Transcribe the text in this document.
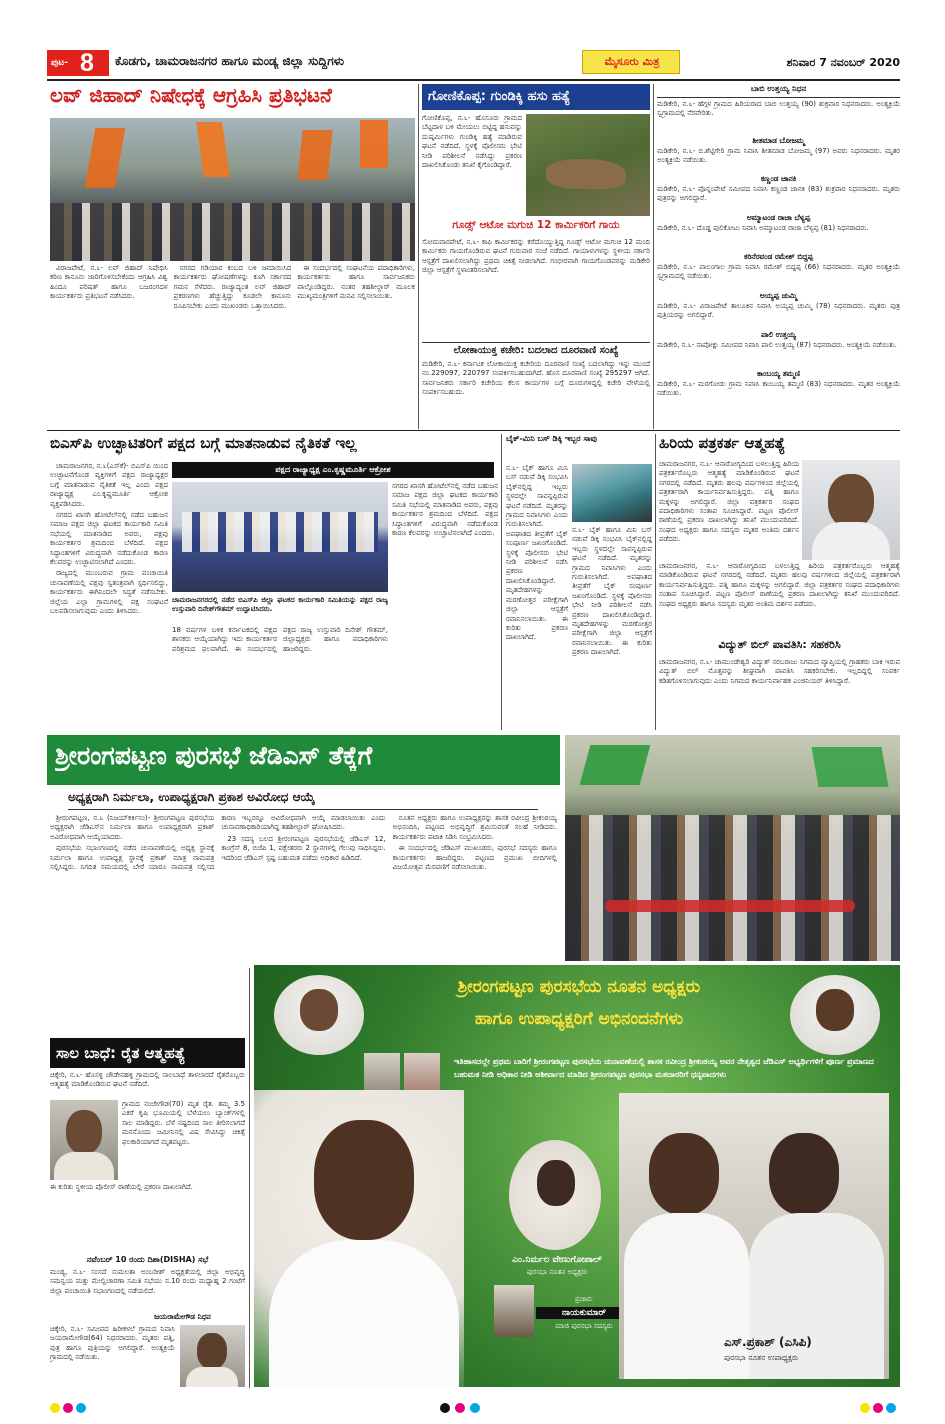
ಪುಟ- 8 ಕೊಡಗು, ಚಾಮರಾಜನಗರ ಹಾಗೂ ಮಂಡ್ಯ ಜಿಲ್ಲಾ ಸುದ್ದಿಗಳು	ಮೈಸೂರು ಮಿತ್ರ	ಶನಿವಾರ 7 ನವಂಬರ್ 2020
ಲವ್ ಜಿಹಾದ್ ನಿಷೇಧಕ್ಕೆ ಆಗ್ರಹಿಸಿ ಪ್ರತಿಭಟನೆ

ವಿರಾಜಪೇಟೆ, ನ.೬- ಲವ್ ಜಿಹಾದ್ ನಿಷೇಧಿಸಿ ಕಠಿಣ ಕಾನೂನು ಜಾರಿಗೊಳಿಸಬೇಕೆಂದು ಆಗ್ರಹಿಸಿ ವಿಶ್ವ ಹಿಂದೂ ಪರಿಷತ್ ಹಾಗೂ ಬಜರಂಗದಳ ಕಾರ್ಯಕರ್ತರು ಪ್ರತಿಭಟನೆ ನಡೆಸಿದರು.

ನಗರದ ಗಡಿಯಾರ ಕಂಬದ ಬಳಿ ಜಮಾಯಿಸಿದ ಕಾರ್ಯಕರ್ತರು ಘೋಷಣೆಗಳನ್ನು ಕೂಗಿ ಸರ್ಕಾರದ ಗಮನ ಸೆಳೆದರು. ರಾಜ್ಯಾದ್ಯಂತ ಲವ್ ಜಿಹಾದ್ ಪ್ರಕರಣಗಳು ಹೆಚ್ಚುತ್ತಿದ್ದು ಕೂಡಲೇ ಕಾನೂನು ರೂಪಿಸಬೇಕು ಎಂದು ಮುಖಂಡರು ಒತ್ತಾಯಿಸಿದರು.

ಈ ಸಂದರ್ಭದಲ್ಲಿ ಸಂಘಟನೆಯ ಪದಾಧಿಕಾರಿಗಳು, ಕಾರ್ಯಕರ್ತರು ಹಾಗೂ ಸಾರ್ವಜನಿಕರು ಪಾಲ್ಗೊಂಡಿದ್ದರು. ನಂತರ ತಹಶೀಲ್ದಾರ್ ಮೂಲಕ ಮುಖ್ಯಮಂತ್ರಿಗಳಿಗೆ ಮನವಿ ಸಲ್ಲಿಸಲಾಯಿತು.

ಗೋಣಿಕೊಪ್ಪ: ಗುಂಡಿಕ್ಕಿ ಹಸು ಹತ್ಯೆ
ಗೋಣಿಕೊಪ್ಪ, ನ.೬- ಹೊಸೂರು ಗ್ರಾಮದ ಬೆಟ್ಟದಾಳ ಬಳಿ ಮೇಯಲು ಬಿಟ್ಟಿದ್ದ ಹಸುವನ್ನು ದುಷ್ಕರ್ಮಿಗಳು ಗುಂಡಿಕ್ಕಿ ಹತ್ಯೆ ಮಾಡಿರುವ ಘಟನೆ ನಡೆದಿದೆ. ಸ್ಥಳಕ್ಕೆ ಪೊಲೀಸರು ಭೇಟಿ ನೀಡಿ ಪರಿಶೀಲನೆ ನಡೆಸಿದ್ದು ಪ್ರಕರಣ ದಾಖಲಿಸಿಕೊಂಡು ತನಿಖೆ ಕೈಗೊಂಡಿದ್ದಾರೆ.
ಗೂಡ್ಸ್ ಆಟೋ ಮಗುಚಿ 12 ಕಾರ್ಮಿಕರಿಗೆ ಗಾಯ
ಸೋಮವಾರಪೇಟೆ, ನ.೬- ಕಾಫಿ ಕಾರ್ಮಿಕರನ್ನು ಕರೆದೊಯ್ಯುತ್ತಿದ್ದ ಗೂಡ್ಸ್ ಆಟೋ ಮಗುಚಿ 12 ಮಂದಿ ಕಾರ್ಮಿಕರು ಗಾಯಗೊಂಡಿರುವ ಘಟನೆ ಗುರುವಾರ ಸಂಜೆ ನಡೆದಿದೆ. ಗಾಯಾಳುಗಳನ್ನು ಸ್ಥಳೀಯ ಸರ್ಕಾರಿ ಆಸ್ಪತ್ರೆಗೆ ದಾಖಲಿಸಲಾಗಿದ್ದು ಪ್ರಥಮ ಚಿಕಿತ್ಸೆ ನೀಡಲಾಗಿದೆ. ಗಂಭೀರವಾಗಿ ಗಾಯಗೊಂಡವರನ್ನು ಮಡಿಕೇರಿ ಜಿಲ್ಲಾ ಆಸ್ಪತ್ರೆಗೆ ಸ್ಥಳಾಂತರಿಸಲಾಗಿದೆ.
ಲೋಕಾಯುಕ್ತ ಕಚೇರಿ: ಬದಲಾದ ದೂರವಾಣಿ ಸಂಖ್ಯೆ
ಮಡಿಕೇರಿ, ನ.೬- ಕರ್ನಾಟಕ ಲೋಕಾಯುಕ್ತ ಕಚೇರಿಯ ದೂರವಾಣಿ ಸಂಖ್ಯೆ ಬದಲಾಗಿದ್ದು ಇನ್ನು ಮುಂದೆ ನಂ.229097, 220797 ಸಂಪರ್ಕಿಸಬಹುದಾಗಿದೆ. ಹೊಸ ದೂರವಾಣಿ ಸಂಖ್ಯೆ 295297 ಆಗಿದೆ. ಸಾರ್ವಜನಿಕರು ಸರ್ಕಾರಿ ಕಚೇರಿಯ ಕೆಲಸ ಕಾರ್ಯಗಳ ಬಗ್ಗೆ ದೂರುಗಳಿದ್ದಲ್ಲಿ ಕಚೇರಿ ವೇಳೆಯಲ್ಲಿ ಸಂಪರ್ಕಿಸಬಹುದು.
ಬಾಬಿ ಉತ್ತಯ್ಯ ನಿಧನ
ಮಡಿಕೇರಿ, ನ.೬- ಹೆಗ್ಗಳ ಗ್ರಾಮದ ಹಿರಿಯರಾದ ಬಾಬಿ ಉತ್ತಯ್ಯ (90) ಶುಕ್ರವಾರ ನಿಧನರಾದರು. ಅಂತ್ಯಕ್ರಿಯೆ ಸ್ವಗ್ರಾಮದಲ್ಲಿ ನೆರವೇರಿತು.
ಶೀತಮಾಡ ಬೋಜಮ್ಮ
ಮಡಿಕೇರಿ, ನ.೬- ಬಿ.ಶೆಟ್ಟಿಗೇರಿ ಗ್ರಾಮ ನಿವಾಸಿ ಶೀತಮಾಡ ಬೋಜಮ್ಮ (97) ಅವರು ನಿಧನರಾದರು. ಮೃತರ ಅಂತ್ಯಕ್ರಿಯೆ ನಡೆಯಿತು.
ಕಣ್ಣಂಡ ಜಾನಕಿ
ಮಡಿಕೇರಿ, ನ.೬- ಪೊನ್ನಂಪೇಟೆ ಸಮೀಪದ ನಿವಾಸಿ ಕಣ್ಣಂಡ ಜಾನಕಿ (83) ಶುಕ್ರವಾರ ನಿಧನರಾದರು. ಮೃತರು ಪುತ್ರರನ್ನು ಅಗಲಿದ್ದಾರೆ.
ಅಮ್ಮಾಟಂಡ ರಾಜಾ ಬೆಳ್ಯಪ್ಪ
ಮಡಿಕೇರಿ, ನ.೬- ದೊಡ್ಡ ಪುಲಿಕೋಟು ನಿವಾಸಿ ಅಮ್ಮಾಟಂಡ ರಾಜಾ ಬೆಳ್ಯಪ್ಪ (81) ನಿಧನರಾದರು.
ಕರಿನೆರವಂಡ ರಮೇಶ್ ಬಿದ್ದಪ್ಪ
ಮಡಿಕೇರಿ, ನ.೬- ಪಾಲಂಗಾಲ ಗ್ರಾಮ ನಿವಾಸಿ ರಮೇಶ್ ಬಿದ್ದಪ್ಪ (66) ನಿಧನರಾದರು. ಮೃತರ ಅಂತ್ಯಕ್ರಿಯೆ ಸ್ವಗ್ರಾಮದಲ್ಲಿ ನಡೆಯಿತು.
ಅಯ್ಯಪ್ಪ ಚುಮ್ಮಿ
ಮಡಿಕೇರಿ, ನ.೬- ವಿರಾಜಪೇಟೆ ತಾಲೂಕಿನ ನಿವಾಸಿ ಅಯ್ಯಪ್ಪ ಚುಮ್ಮಿ (78) ನಿಧನರಾದರು. ಮೃತರು ಪುತ್ರ ಪುತ್ರಿಯರನ್ನು ಅಗಲಿದ್ದಾರೆ.
ಪಾಲಿ ಉತ್ತಯ್ಯ
ಮಡಿಕೇರಿ, ನ.೬- ನಾಪೋಕ್ಲು ಸಮೀಪದ ನಿವಾಸಿ ಪಾಲಿ ಉತ್ತಯ್ಯ (87) ನಿಧನರಾದರು. ಅಂತ್ಯಕ್ರಿಯೆ ನಡೆಯಿತು.
ಕಾಂಬಯ್ಯ ತಮ್ಮಣಿ
ಮಡಿಕೇರಿ, ನ.೬- ಮರಗೋಡು ಗ್ರಾಮ ನಿವಾಸಿ ಕಾಂಬಯ್ಯ ತಮ್ಮಣಿ (83) ನಿಧನರಾದರು. ಮೃತರ ಅಂತ್ಯಕ್ರಿಯೆ ನಡೆಯಿತು.
ಬಿಎಸ್‌ಪಿ ಉಚ್ಛಾಟಿತರಿಗೆ ಪಕ್ಷದ ಬಗ್ಗೆ ಮಾತನಾಡುವ ನೈತಿಕತೆ ಇಲ್ಲ
ಪಕ್ಷದ ರಾಜ್ಯಾಧ್ಯಕ್ಷ ಎಂ.ಕೃಷ್ಣಮೂರ್ತಿ ಆಕ್ರೋಶ

ಚಾಮರಾಜನಗರ, ನ.೬(ಎಸ್‌ಕೆ)- ಬಿಎಸ್‌ಪಿ ಯಿಂದ ಉಚ್ಛಾಟನೆಗೊಂಡ ವ್ಯಕ್ತಿಗಳಿಗೆ ಪಕ್ಷದ ರಾಜ್ಯಾಧ್ಯಕ್ಷರ ಬಗ್ಗೆ ಮಾತನಾಡುವ ನೈತಿಕತೆ ಇಲ್ಲ ಎಂದು ಪಕ್ಷದ ರಾಜ್ಯಾಧ್ಯಕ್ಷ ಎಂ.ಕೃಷ್ಣಮೂರ್ತಿ ಆಕ್ರೋಶ ವ್ಯಕ್ತಪಡಿಸಿದರು.

ನಗರದ ಖಾಸಗಿ ಹೋಟೆಲ್‌ನಲ್ಲಿ ನಡೆದ ಬಹುಜನ ಸಮಾಜ ಪಕ್ಷದ ಜಿಲ್ಲಾ ಘಟಕದ ಕಾರ್ಯಕಾರಿ ಸಮಿತಿ ಸಭೆಯಲ್ಲಿ ಮಾತನಾಡಿದ ಅವರು, ಪಕ್ಷವು ಕಾರ್ಯಕರ್ತರ ಶ್ರಮದಿಂದ ಬೆಳೆದಿದೆ. ಪಕ್ಷದ ಸಿದ್ಧಾಂತಗಳಿಗೆ ವಿರುದ್ಧವಾಗಿ ನಡೆದುಕೊಂಡ ಕಾರಣ ಕೆಲವರನ್ನು ಉಚ್ಛಾಟಿಸಲಾಗಿದೆ ಎಂದರು.

ರಾಜ್ಯದಲ್ಲಿ ಮುಂಬರುವ ಗ್ರಾಮ ಪಂಚಾಯಿತಿ ಚುನಾವಣೆಯಲ್ಲಿ ಪಕ್ಷವು ಸ್ವತಂತ್ರವಾಗಿ ಸ್ಪರ್ಧಿಸಲಿದ್ದು, ಕಾರ್ಯಕರ್ತರು ಈಗಿನಿಂದಲೇ ಸಿದ್ಧತೆ ನಡೆಸಬೇಕು. ಜಿಲ್ಲೆಯ ಎಲ್ಲಾ ಗ್ರಾಮಗಳಲ್ಲಿ ಪಕ್ಷ ಸಂಘಟನೆ ಬಲಪಡಿಸಲಾಗುವುದು ಎಂದು ತಿಳಿಸಿದರು.

ಚಾಮರಾಜನಗರದಲ್ಲಿ ನಡೆದ ಬಿಎಸ್‌ಪಿ ಜಿಲ್ಲಾ ಘಟಕದ ಕಾರ್ಯಕಾರಿ ಸಮಿತಿಯನ್ನು ಪಕ್ಷದ ರಾಜ್ಯ ಉಸ್ತುವಾರಿ ದಿನೇಶ್‌ಗೌತಮ್ ಉದ್ಘಾಟಿಸಿದರು.
18 ವರ್ಷಗಳ ಬಳಿಕ ಕರ್ನಾಟಕದಲ್ಲಿ ಪಕ್ಷದ ಶಾಸಕರು ಆಯ್ಕೆಯಾಗಿದ್ದು ಇದು ಕಾರ್ಯಕರ್ತರ ಪರಿಶ್ರಮದ ಫಲವಾಗಿದೆ. ಈ ಸಂದರ್ಭದಲ್ಲಿ ಪಕ್ಷದ ರಾಜ್ಯ ಉಸ್ತುವಾರಿ ದಿನೇಶ್ ಗೌತಮ್, ಜಿಲ್ಲಾಧ್ಯಕ್ಷರು ಹಾಗೂ ಪದಾಧಿಕಾರಿಗಳು ಹಾಜರಿದ್ದರು.
ನಗರದ ಖಾಸಗಿ ಹೋಟೆಲ್‌ನಲ್ಲಿ ನಡೆದ ಬಹುಜನ ಸಮಾಜ ಪಕ್ಷದ ಜಿಲ್ಲಾ ಘಟಕದ ಕಾರ್ಯಕಾರಿ ಸಮಿತಿ ಸಭೆಯಲ್ಲಿ ಮಾತನಾಡಿದ ಅವರು, ಪಕ್ಷವು ಕಾರ್ಯಕರ್ತರ ಶ್ರಮದಿಂದ ಬೆಳೆದಿದೆ. ಪಕ್ಷದ ಸಿದ್ಧಾಂತಗಳಿಗೆ ವಿರುದ್ಧವಾಗಿ ನಡೆದುಕೊಂಡ ಕಾರಣ ಕೆಲವರನ್ನು ಉಚ್ಛಾಟಿಸಲಾಗಿದೆ ಎಂದರು.
ಬೈಕ್-ಮಿನಿ ಬಸ್ ಡಿಕ್ಕಿ ಇಬ್ಬರ ಸಾವು
ನ.೬- ಬೈಕ್ ಹಾಗೂ ಮಿನಿ ಬಸ್ ನಡುವೆ ಡಿಕ್ಕಿ ಸಂಭವಿಸಿ ಬೈಕ್‌ನಲ್ಲಿದ್ದ ಇಬ್ಬರು ಸ್ಥಳದಲ್ಲೇ ಸಾವನ್ನಪ್ಪಿರುವ ಘಟನೆ ನಡೆದಿದೆ. ಮೃತರನ್ನು ಗ್ರಾಮದ ನಿವಾಸಿಗಳು ಎಂದು ಗುರುತಿಸಲಾಗಿದೆ. ಅಪಘಾತದ ತೀವ್ರತೆಗೆ ಬೈಕ್ ಸಂಪೂರ್ಣ ಜಖಂಗೊಂಡಿದೆ. ಸ್ಥಳಕ್ಕೆ ಪೊಲೀಸರು ಭೇಟಿ ನೀಡಿ ಪರಿಶೀಲನೆ ನಡೆಸಿ ಪ್ರಕರಣ ದಾಖಲಿಸಿಕೊಂಡಿದ್ದಾರೆ. ಮೃತದೇಹಗಳನ್ನು ಮರಣೋತ್ತರ ಪರೀಕ್ಷೆಗಾಗಿ ಜಿಲ್ಲಾ ಆಸ್ಪತ್ರೆಗೆ ರವಾನಿಸಲಾಯಿತು. ಈ ಕುರಿತು ಪ್ರಕರಣ ದಾಖಲಾಗಿದೆ.
ನ.೬- ಬೈಕ್ ಹಾಗೂ ಮಿನಿ ಬಸ್ ನಡುವೆ ಡಿಕ್ಕಿ ಸಂಭವಿಸಿ ಬೈಕ್‌ನಲ್ಲಿದ್ದ ಇಬ್ಬರು ಸ್ಥಳದಲ್ಲೇ ಸಾವನ್ನಪ್ಪಿರುವ ಘಟನೆ ನಡೆದಿದೆ. ಮೃತರನ್ನು ಗ್ರಾಮದ ನಿವಾಸಿಗಳು ಎಂದು ಗುರುತಿಸಲಾಗಿದೆ. ಅಪಘಾತದ ತೀವ್ರತೆಗೆ ಬೈಕ್ ಸಂಪೂರ್ಣ ಜಖಂಗೊಂಡಿದೆ. ಸ್ಥಳಕ್ಕೆ ಪೊಲೀಸರು ಭೇಟಿ ನೀಡಿ ಪರಿಶೀಲನೆ ನಡೆಸಿ ಪ್ರಕರಣ ದಾಖಲಿಸಿಕೊಂಡಿದ್ದಾರೆ. ಮೃತದೇಹಗಳನ್ನು ಮರಣೋತ್ತರ ಪರೀಕ್ಷೆಗಾಗಿ ಜಿಲ್ಲಾ ಆಸ್ಪತ್ರೆಗೆ ರವಾನಿಸಲಾಯಿತು. ಈ ಕುರಿತು ಪ್ರಕರಣ ದಾಖಲಾಗಿದೆ.
ಹಿರಿಯ ಪತ್ರಕರ್ತ ಆತ್ಮಹತ್ಯೆ
ಚಾಮರಾಜನಗರ, ನ.೬- ಆನಾರೋಗ್ಯದಿಂದ ಬಳಲುತ್ತಿದ್ದ ಹಿರಿಯ ಪತ್ರಕರ್ತರೊಬ್ಬರು ಆತ್ಮಹತ್ಯೆ ಮಾಡಿಕೊಂಡಿರುವ ಘಟನೆ ನಗರದಲ್ಲಿ ನಡೆದಿದೆ. ಮೃತರು ಹಲವು ವರ್ಷಗಳಿಂದ ಜಿಲ್ಲೆಯಲ್ಲಿ ಪತ್ರಕರ್ತರಾಗಿ ಕಾರ್ಯನಿರ್ವಹಿಸುತ್ತಿದ್ದರು. ಪತ್ನಿ ಹಾಗೂ ಮಕ್ಕಳನ್ನು ಅಗಲಿದ್ದಾರೆ. ಜಿಲ್ಲಾ ಪತ್ರಕರ್ತರ ಸಂಘದ ಪದಾಧಿಕಾರಿಗಳು ಸಂತಾಪ ಸೂಚಿಸಿದ್ದಾರೆ. ಪಟ್ಟಣ ಪೊಲೀಸ್ ಠಾಣೆಯಲ್ಲಿ ಪ್ರಕರಣ ದಾಖಲಾಗಿದ್ದು ತನಿಖೆ ಮುಂದುವರಿದಿದೆ. ಸಂಘದ ಅಧ್ಯಕ್ಷರು ಹಾಗೂ ಸದಸ್ಯರು ಮೃತರ ಅಂತಿಮ ದರ್ಶನ ಪಡೆದರು.
ಚಾಮರಾಜನಗರ, ನ.೬- ಆನಾರೋಗ್ಯದಿಂದ ಬಳಲುತ್ತಿದ್ದ ಹಿರಿಯ ಪತ್ರಕರ್ತರೊಬ್ಬರು ಆತ್ಮಹತ್ಯೆ ಮಾಡಿಕೊಂಡಿರುವ ಘಟನೆ ನಗರದಲ್ಲಿ ನಡೆದಿದೆ. ಮೃತರು ಹಲವು ವರ್ಷಗಳಿಂದ ಜಿಲ್ಲೆಯಲ್ಲಿ ಪತ್ರಕರ್ತರಾಗಿ ಕಾರ್ಯನಿರ್ವಹಿಸುತ್ತಿದ್ದರು. ಪತ್ನಿ ಹಾಗೂ ಮಕ್ಕಳನ್ನು ಅಗಲಿದ್ದಾರೆ. ಜಿಲ್ಲಾ ಪತ್ರಕರ್ತರ ಸಂಘದ ಪದಾಧಿಕಾರಿಗಳು ಸಂತಾಪ ಸೂಚಿಸಿದ್ದಾರೆ. ಪಟ್ಟಣ ಪೊಲೀಸ್ ಠಾಣೆಯಲ್ಲಿ ಪ್ರಕರಣ ದಾಖಲಾಗಿದ್ದು ತನಿಖೆ ಮುಂದುವರಿದಿದೆ. ಸಂಘದ ಅಧ್ಯಕ್ಷರು ಹಾಗೂ ಸದಸ್ಯರು ಮೃತರ ಅಂತಿಮ ದರ್ಶನ ಪಡೆದರು.
ವಿದ್ಯುತ್ ಬಿಲ್ ಪಾವತಿಸಿ: ಸಹಕರಿಸಿ
ಚಾಮರಾಜನಗರ, ನ.೬- ಚಾಮುಂಡೇಶ್ವರಿ ವಿದ್ಯುತ್ ಸರಬರಾಜು ನಿಗಮದ ವ್ಯಾಪ್ತಿಯಲ್ಲಿ ಗ್ರಾಹಕರು ಬಾಕಿ ಇರುವ ವಿದ್ಯುತ್ ಬಿಲ್ ಮೊತ್ತವನ್ನು ಶೀಘ್ರವಾಗಿ ಪಾವತಿಸಿ ಸಹಕರಿಸಬೇಕು. ಇಲ್ಲದಿದ್ದಲ್ಲಿ ಸಂಪರ್ಕ ಕಡಿತಗೊಳಿಸಲಾಗುವುದು ಎಂದು ನಿಗಮದ ಕಾರ್ಯನಿರ್ವಾಹಕ ಎಂಜಿನಿಯರ್ ತಿಳಿಸಿದ್ದಾರೆ.
ಶ್ರೀರಂಗಪಟ್ಟಣ ಪುರಸಭೆ ಜೆಡಿಎಸ್ ತೆಕ್ಕೆಗೆ
ಅಧ್ಯಕ್ಷರಾಗಿ ನಿರ್ಮಲಾ, ಉಪಾಧ್ಯಕ್ಷರಾಗಿ ಪ್ರಕಾಶ ಅವಿರೋಧ ಆಯ್ಕೆ

ಶ್ರೀರಂಗಪಟ್ಟಣ, ನ.೬ (ನಿಜಯ್‌ಕರ್ಕಿಸಂ)- ಶ್ರೀರಂಗಪಟ್ಟಣ ಪುರಸಭೆಯ ಅಧ್ಯಕ್ಷರಾಗಿ ಜೆಡಿಎಸ್‌ನ ನಿರ್ಮಲಾ ಹಾಗೂ ಉಪಾಧ್ಯಕ್ಷರಾಗಿ ಪ್ರಕಾಶ್ ಅವಿರೋಧವಾಗಿ ಆಯ್ಕೆಯಾದರು.

ಪುರಸಭೆಯ ಸಭಾಂಗಣದಲ್ಲಿ ನಡೆದ ಚುನಾವಣೆಯಲ್ಲಿ ಅಧ್ಯಕ್ಷ ಸ್ಥಾನಕ್ಕೆ ನಿರ್ಮಲಾ ಹಾಗೂ ಉಪಾಧ್ಯಕ್ಷ ಸ್ಥಾನಕ್ಕೆ ಪ್ರಕಾಶ್ ಮಾತ್ರ ನಾಮಪತ್ರ ಸಲ್ಲಿಸಿದ್ದರು. ನಿಗದಿತ ಸಮಯದಲ್ಲಿ ಬೇರೆ ಯಾರೂ ನಾಮಪತ್ರ ಸಲ್ಲಿಸದ ಕಾರಣ ಇಬ್ಬರನ್ನೂ ಅವಿರೋಧವಾಗಿ ಆಯ್ಕೆ ಮಾಡಲಾಯಿತು ಎಂದು ಚುನಾವಣಾಧಿಕಾರಿಯಾಗಿದ್ದ ತಹಶೀಲ್ದಾರ್ ಘೋಷಿಸಿದರು.

23 ಸದಸ್ಯ ಬಲದ ಶ್ರೀರಂಗಪಟ್ಟಣ ಪುರಸಭೆಯಲ್ಲಿ ಜೆಡಿಎಸ್ 12, ಕಾಂಗ್ರೆಸ್ 8, ಬಿಜೆಪಿ 1, ಪಕ್ಷೇತರರು 2 ಸ್ಥಾನಗಳಲ್ಲಿ ಗೆಲುವು ಸಾಧಿಸಿದ್ದರು. ಇದರಿಂದ ಜೆಡಿಎಸ್ ಸ್ಪಷ್ಟ ಬಹುಮತ ಪಡೆದು ಅಧಿಕಾರ ಹಿಡಿದಿದೆ.

ನೂತನ ಅಧ್ಯಕ್ಷರು ಹಾಗೂ ಉಪಾಧ್ಯಕ್ಷರನ್ನು ಶಾಸಕ ರವೀಂದ್ರ ಶ್ರೀಕಂಠಯ್ಯ ಅಭಿನಂದಿಸಿ, ಪಟ್ಟಣದ ಅಭಿವೃದ್ಧಿಗೆ ಶ್ರಮಿಸುವಂತೆ ಸಲಹೆ ನೀಡಿದರು. ಕಾರ್ಯಕರ್ತರು ಪಟಾಕಿ ಸಿಡಿಸಿ ಸಂಭ್ರಮಿಸಿದರು.

ಈ ಸಂದರ್ಭದಲ್ಲಿ ಜೆಡಿಎಸ್ ಮುಖಂಡರು, ಪುರಸಭೆ ಸದಸ್ಯರು ಹಾಗೂ ಕಾರ್ಯಕರ್ತರು ಹಾಜರಿದ್ದರು. ಪಟ್ಟಣದ ಪ್ರಮುಖ ಬೀದಿಗಳಲ್ಲಿ ವಿಜಯೋತ್ಸವ ಮೆರವಣಿಗೆ ನಡೆಸಲಾಯಿತು.

ಸಾಲ ಬಾಧೆ: ರೈತ ಆತ್ಮಹತ್ಯೆ
ಚಿಕ್ಕೇರಿ, ನ.೬- ಹೊಸಳ್ಳಿ ಚೌಡೇನಹಳ್ಳಿ ಗ್ರಾಮದಲ್ಲಿ ಸಾಲಬಾಧೆ ತಾಳಲಾರದೆ ರೈತರೊಬ್ಬರು ಆತ್ಮಹತ್ಯೆ ಮಾಡಿಕೊಂಡಿರುವ ಘಟನೆ ನಡೆದಿದೆ.
ಗ್ರಾಮದ ನಂಜೇಗೌಡ(70) ಮೃತ ರೈತ. ತಮ್ಮ 3.5 ಎಕರೆ ಕೃಷಿ ಭೂಮಿಯಲ್ಲಿ ಬೆಳೆಯಲು ಬ್ಯಾಂಕ್‌ಗಳಲ್ಲಿ ಸಾಲ ಮಾಡಿದ್ದರು. ಬೆಳೆ ನಷ್ಟದಿಂದ ಸಾಲ ತೀರಿಸಲಾಗದೆ ಮನನೊಂದು ಜಮೀನಿನಲ್ಲಿ ವಿಷ ಸೇವಿಸಿದ್ದು ಚಿಕಿತ್ಸೆ ಫಲಕಾರಿಯಾಗದೆ ಮೃತಪಟ್ಟರು.
ಈ ಕುರಿತು ಸ್ಥಳೀಯ ಪೊಲೀಸ್ ಠಾಣೆಯಲ್ಲಿ ಪ್ರಕರಣ ದಾಖಲಾಗಿದೆ.
ನವೆಂಬರ್ 10 ರಂದು ದಿಶಾ(DISHA) ಸಭೆ
ಮಂಡ್ಯ, ನ.೬- ಸಂಸದೆ ಸುಮಲತಾ ಅಂಬರೀಶ್ ಅಧ್ಯಕ್ಷತೆಯಲ್ಲಿ ಜಿಲ್ಲಾ ಅಭಿವೃದ್ಧಿ ಸಮನ್ವಯ ಮತ್ತು ಮೇಲ್ವಿಚಾರಣಾ ಸಮಿತಿ ಸಭೆಯು ನ.10 ರಂದು ಮಧ್ಯಾಹ್ನ 2 ಗಂಟೆಗೆ ಜಿಲ್ಲಾ ಪಂಚಾಯಿತಿ ಸಭಾಂಗಣದಲ್ಲಿ ನಡೆಯಲಿದೆ.
ಜಯರಾಮೇಗೌಡ ನಿಧನ
ಚಿಕ್ಕೇರಿ, ನ.೬- ಸಮೀಪದ ಹಿರೀಕಳಲೆ ಗ್ರಾಮದ ನಿವಾಸಿ ಜಯರಾಮೇಗೌಡ(64) ನಿಧನರಾದರು. ಮೃತರು ಪತ್ನಿ, ಪುತ್ರ ಹಾಗೂ ಪುತ್ರಿಯನ್ನು ಅಗಲಿದ್ದಾರೆ. ಅಂತ್ಯಕ್ರಿಯೆ ಗ್ರಾಮದಲ್ಲಿ ನಡೆಯಿತು.
ಶ್ರೀರಂಗಪಟ್ಟಣ ಪುರಸಭೆಯ ನೂತನ ಅಧ್ಯಕ್ಷರು
ಹಾಗೂ ಉಪಾಧ್ಯಕ್ಷರಿಗೆ ಅಭಿನಂದನೆಗಳು
ಇತಿಹಾಸದಲ್ಲೇ ಪ್ರಥಮ ಬಾರಿಗೆ ಶ್ರೀರಂಗಪಟ್ಟಣ ಪುರಸಭೆಯ ಚುನಾವಣೆಯಲ್ಲಿ ಶಾಸಕ ರವೀಂದ್ರ ಶ್ರೀಕಂಠಯ್ಯ ಅವರ ನೇತೃತ್ವದ ಜೆಡಿಎಸ್ ಅಭ್ಯರ್ಥಿಗಳಿಗೆ ಪೂರ್ಣ ಪ್ರಮಾಣದ ಬಹುಮತ ನೀಡಿ ಅಧಿಕಾರ ನೀಡಿ ಆಶೀರ್ವಾದ ಮಾಡಿದ ಶ್ರೀರಂಗಪಟ್ಟಣ ಪುರಸಭಾ ಮತದಾರರಿಗೆ ಧನ್ಯವಾದಗಳು
ಎಂ.ನಿರ್ಮಲ ವೇಣುಗೋಪಾಲ್
ಪುರಸಭಾ ನೂತನ ಅಧ್ಯಕ್ಷರು
ಪ್ರಚಾರ:
ನಾಯಕುಮಾರ್
ಮಾಜಿ ಪುರಸಭಾ ಸದಸ್ಯರು
ಎಸ್.ಪ್ರಕಾಶ್ (ಎಸಿಪಿ)
ಪುರಸಭಾ ನೂತನ ಉಪಾಧ್ಯಕ್ಷರು
